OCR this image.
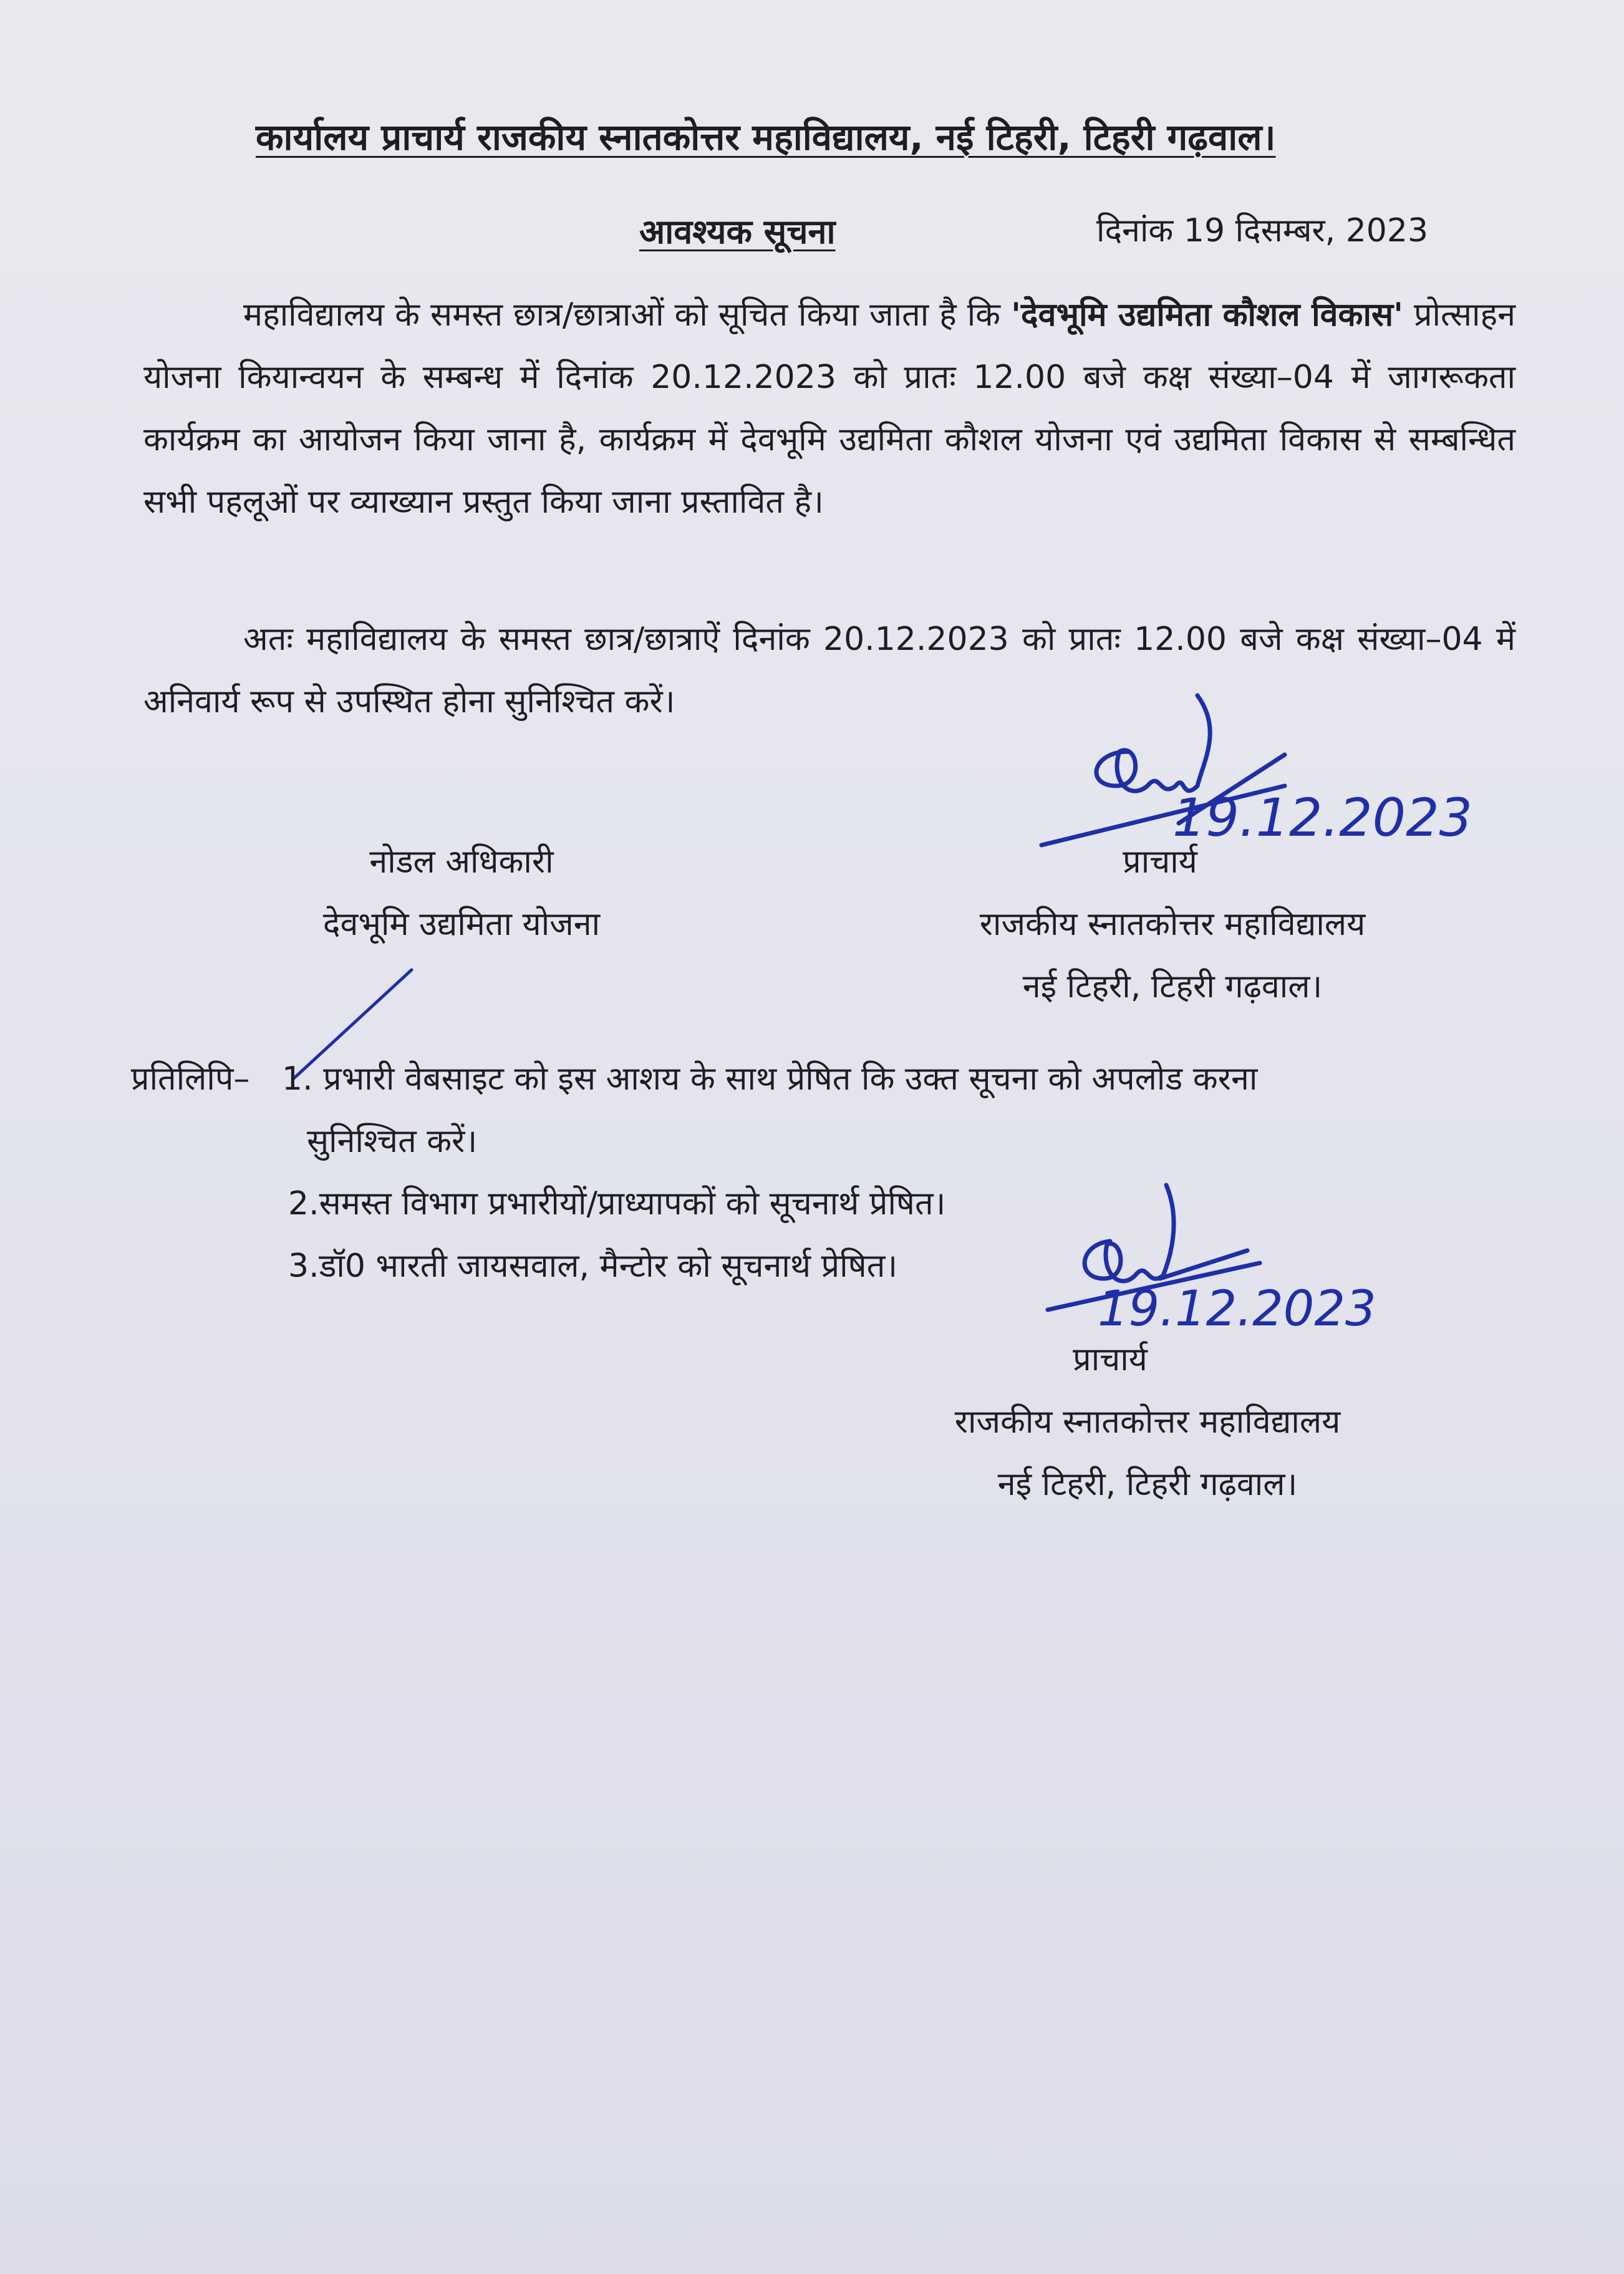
कार्यालय प्राचार्य राजकीय स्नातकोत्तर महाविद्यालय, नई टिहरी, टिहरी गढ़वाल।
आवश्यक सूचना	दिनांक 19 दिसम्बर, 2023
महाविद्यालय के समस्त छात्र/छात्राओं को सूचित किया जाता है कि 'देवभूमि उद्यमिता कौशल विकास' प्रोत्साहन योजना कियान्वयन के सम्बन्ध में दिनांक 20.12.2023 को प्रातः 12.00 बजे कक्ष संख्या–04 में जागरूकता कार्यक्रम का आयोजन किया जाना है, कार्यक्रम में देवभूमि उद्यमिता कौशल योजना एवं उद्यमिता विकास से सम्बन्धित सभी पहलूओं पर व्याख्यान प्रस्तुत किया जाना प्रस्तावित है।
अतः महाविद्यालय के समस्त छात्र/छात्राऐं दिनांक 20.12.2023 को प्रातः 12.00 बजे कक्ष संख्या–04 में अनिवार्य रूप से उपस्थित होना सुनिश्चित करें।
19.12.2023
नोडल अधिकारी
देवभूमि उद्यमिता योजना
प्राचार्य
राजकीय स्नातकोत्तर महाविद्यालय
नई टिहरी, टिहरी गढ़वाल।
प्रतिलिपि– 1. प्रभारी वेबसाइट को इस आशय के साथ प्रेषित कि उक्त सूचना को अपलोड करना
सुनिश्चित करें।
2.समस्त विभाग प्रभारीयों/प्राध्यापकों को सूचनार्थ प्रेषित।
3.डॉ0 भारती जायसवाल, मैन्टोर को सूचनार्थ प्रेषित।
19.12.2023
प्राचार्य
राजकीय स्नातकोत्तर महाविद्यालय
नई टिहरी, टिहरी गढ़वाल।
